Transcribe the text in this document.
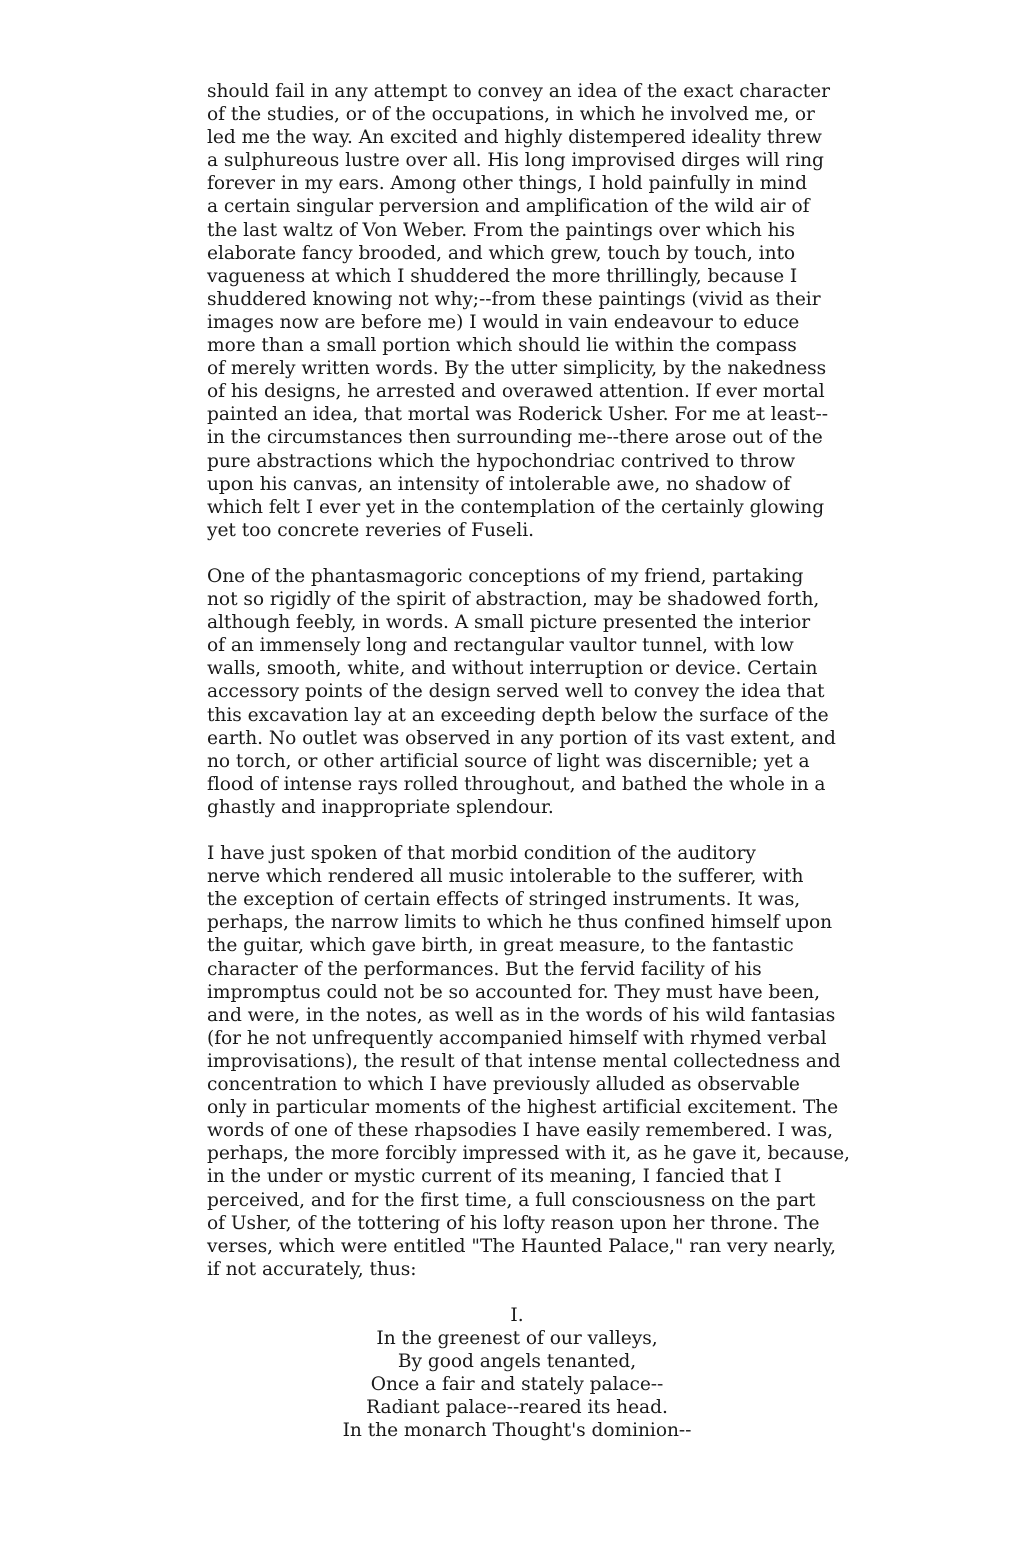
should fail in any attempt to convey an idea of the exact character
of the studies, or of the occupations, in which he involved me, or
led me the way. An excited and highly distempered ideality threw
a sulphureous lustre over all. His long improvised dirges will ring
forever in my ears. Among other things, I hold painfully in mind
a certain singular perversion and amplification of the wild air of
the last waltz of Von Weber. From the paintings over which his
elaborate fancy brooded, and which grew, touch by touch, into
vagueness at which I shuddered the more thrillingly, because I
shuddered knowing not why;--from these paintings (vivid as their
images now are before me) I would in vain endeavour to educe
more than a small portion which should lie within the compass
of merely written words. By the utter simplicity, by the nakedness
of his designs, he arrested and overawed attention. If ever mortal
painted an idea, that mortal was Roderick Usher. For me at least--
in the circumstances then surrounding me--there arose out of the
pure abstractions which the hypochondriac contrived to throw
upon his canvas, an intensity of intolerable awe, no shadow of
which felt I ever yet in the contemplation of the certainly glowing
yet too concrete reveries of Fuseli.
One of the phantasmagoric conceptions of my friend, partaking
not so rigidly of the spirit of abstraction, may be shadowed forth,
although feebly, in words. A small picture presented the interior
of an immensely long and rectangular vaultor tunnel, with low
walls, smooth, white, and without interruption or device. Certain
accessory points of the design served well to convey the idea that
this excavation lay at an exceeding depth below the surface of the
earth. No outlet was observed in any portion of its vast extent, and
no torch, or other artificial source of light was discernible; yet a
flood of intense rays rolled throughout, and bathed the whole in a
ghastly and inappropriate splendour.
I have just spoken of that morbid condition of the auditory
nerve which rendered all music intolerable to the sufferer, with
the exception of certain effects of stringed instruments. It was,
perhaps, the narrow limits to which he thus confined himself upon
the guitar, which gave birth, in great measure, to the fantastic
character of the performances. But the fervid facility of his
impromptus could not be so accounted for. They must have been,
and were, in the notes, as well as in the words of his wild fantasias
(for he not unfrequently accompanied himself with rhymed verbal
improvisations), the result of that intense mental collectedness and
concentration to which I have previously alluded as observable
only in particular moments of the highest artificial excitement. The
words of one of these rhapsodies I have easily remembered. I was,
perhaps, the more forcibly impressed with it, as he gave it, because,
in the under or mystic current of its meaning, I fancied that I
perceived, and for the first time, a full consciousness on the part
of Usher, of the tottering of his lofty reason upon her throne. The
verses, which were entitled "The Haunted Palace," ran very nearly,
if not accurately, thus:
I.
In the greenest of our valleys,
By good angels tenanted,
Once a fair and stately palace--
Radiant palace--reared its head.
In the monarch Thought's dominion--
